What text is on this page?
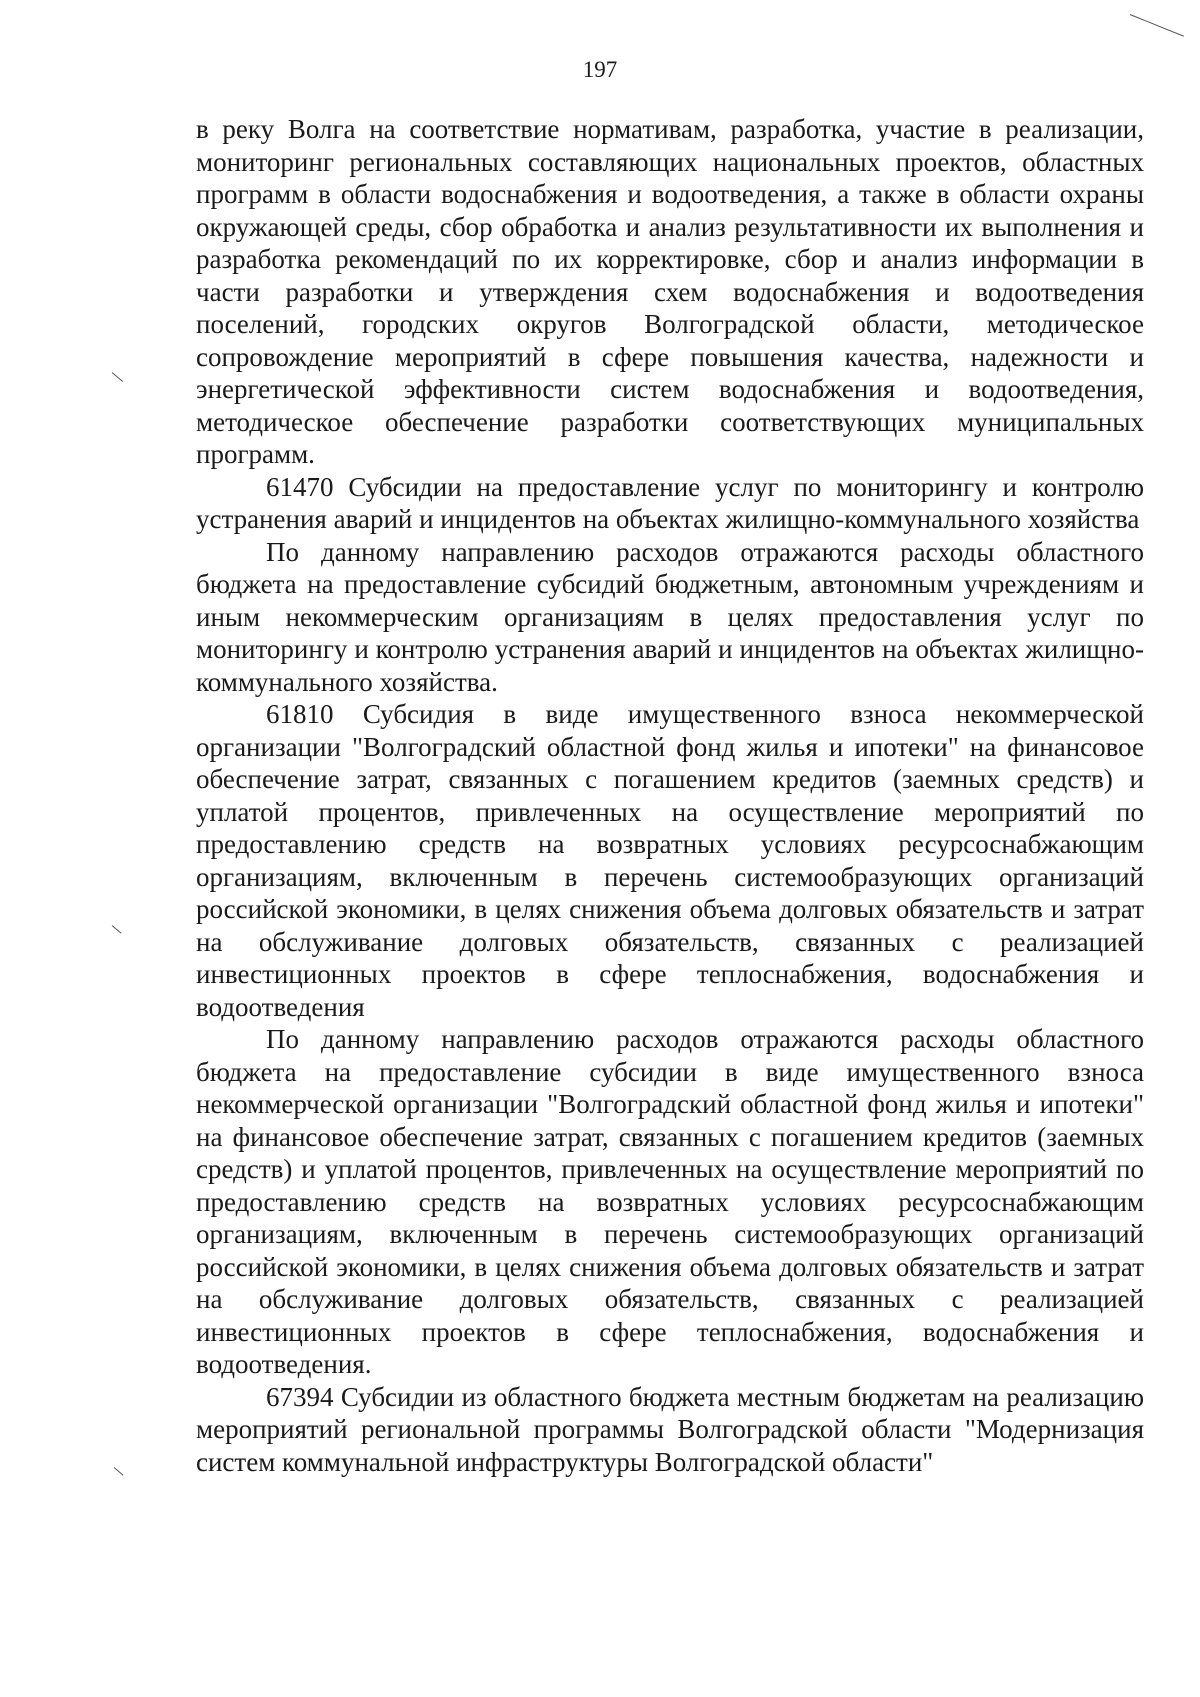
197

в реку Волга на соответствие нормативам, разработка, участие в реализации, мониторинг региональных составляющих национальных проектов, областных программ в области водоснабжения и водоотведения, а также в области охраны окружающей среды, сбор обработка и анализ результативности их выполнения и разработка рекомендаций по их корректировке, сбор и анализ информации в части разработки и утверждения схем водоснабжения и водоотведения поселений, городских округов Волгоградской области, методическое сопровождение мероприятий в сфере повышения качества, надежности и энергетической эффективности систем водоснабжения и водоотведения, методическое обеспечение разработки соответствующих муниципальных программ.

61470 Субсидии на предоставление услуг по мониторингу и контролю устранения аварий и инцидентов на объектах жилищно-коммунального хозяйства

По данному направлению расходов отражаются расходы областного бюджета на предоставление субсидий бюджетным, автономным учреждениям и иным некоммерческим организациям в целях предоставления услуг по мониторингу и контролю устранения аварий и инцидентов на объектах жилищно-коммунального хозяйства.

61810 Субсидия в виде имущественного взноса некоммерческой организации "Волгоградский областной фонд жилья и ипотеки" на финансовое обеспечение затрат, связанных с погашением кредитов (заемных средств) и уплатой процентов, привлеченных на осуществление мероприятий по предоставлению средств на возвратных условиях ресурсоснабжающим организациям, включенным в перечень системообразующих организаций российской экономики, в целях снижения объема долговых обязательств и затрат на обслуживание долговых обязательств, связанных с реализацией инвестиционных проектов в сфере теплоснабжения, водоснабжения и водоотведения

По данному направлению расходов отражаются расходы областного бюджета на предоставление субсидии в виде имущественного взноса некоммерческой организации "Волгоградский областной фонд жилья и ипотеки" на финансовое обеспечение затрат, связанных с погашением кредитов (заемных средств) и уплатой процентов, привлеченных на осуществление мероприятий по предоставлению средств на возвратных условиях ресурсоснабжающим организациям, включенным в перечень системообразующих организаций российской экономики, в целях снижения объема долговых обязательств и затрат на обслуживание долговых обязательств, связанных с реализацией инвестиционных проектов в сфере теплоснабжения, водоснабжения и водоотведения.

67394 Субсидии из областного бюджета местным бюджетам на реализацию мероприятий региональной программы Волгоградской области "Модернизация систем коммунальной инфраструктуры Волгоградской области"
